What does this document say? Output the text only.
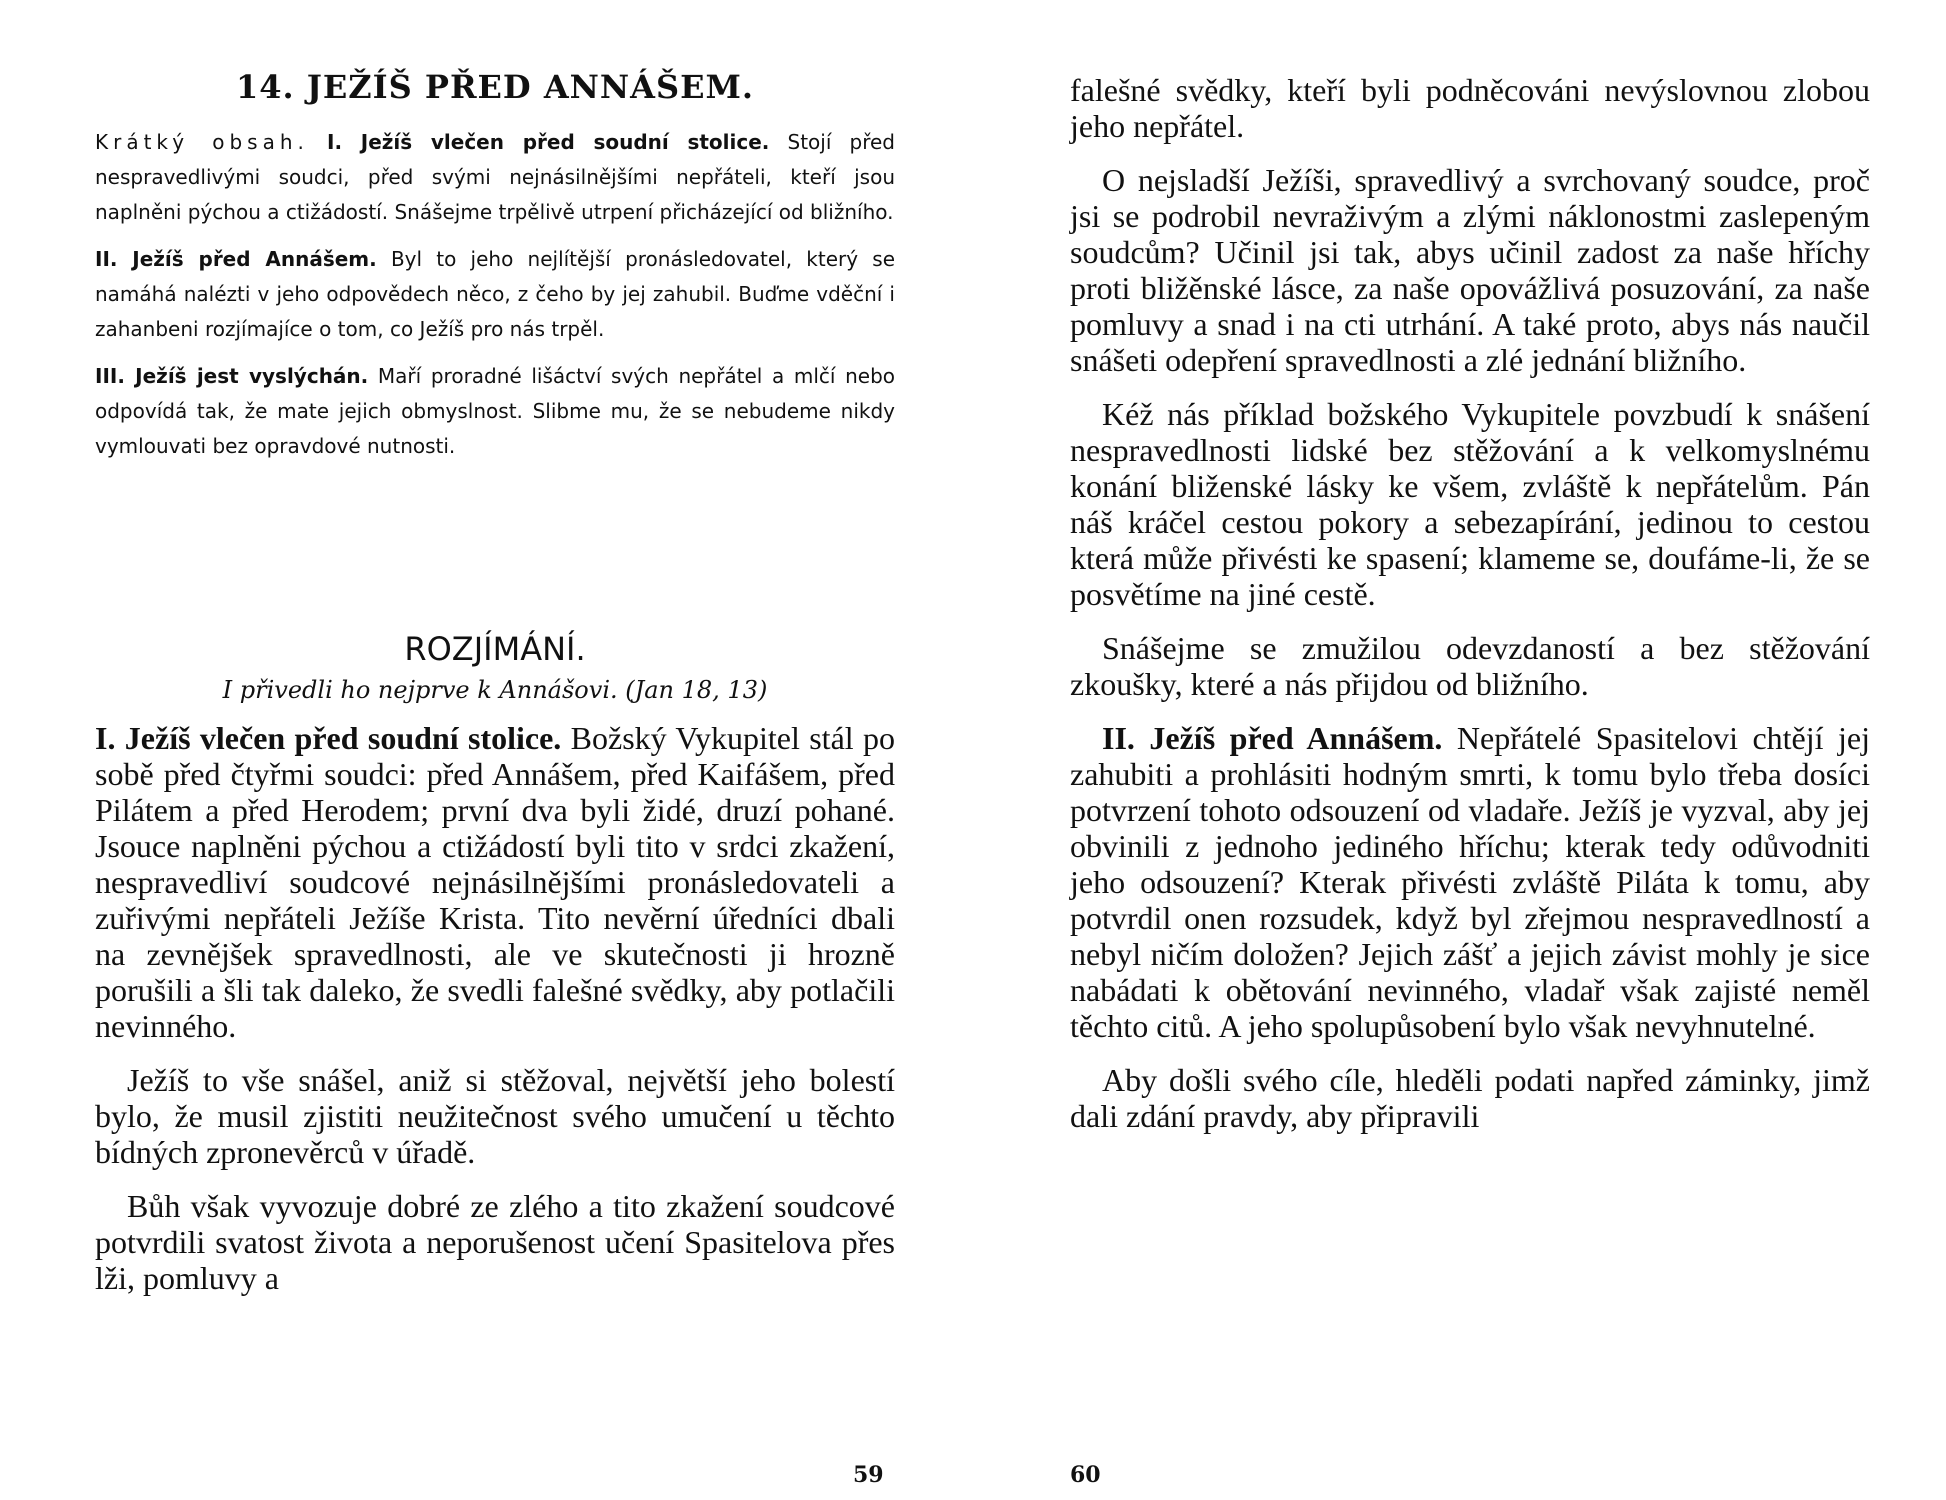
14. JEŽÍŠ PŘED ANNÁŠEM.

Krátký obsah. I. Ježíš vlečen před soudní stolice. Stojí před nespravedlivými soudci, před svými nejnásilnějšími nepřáteli, kteří jsou naplněni pýchou a ctižádostí. Snášejme trpělivě utrpení přicházející od bližního.

II. Ježíš před Annášem. Byl to jeho nejlítější pronásledovatel, který se namáhá nalézti v jeho odpovědech něco, z čeho by jej zahubil. Buďme vděční i zahanbeni rozjímajíce o tom, co Ježíš pro nás trpěl.

III. Ježíš jest vyslýchán. Maří proradné lišáctví svých nepřátel a mlčí nebo odpovídá tak, že mate jejich obmyslnost. Slibme mu, že se nebudeme nikdy vymlouvati bez opravdové nutnosti.

ROZJÍMÁNÍ.

I přivedli ho nejprve k Annášovi. (Jan 18, 13)

I. Ježíš vlečen před soudní stolice. Božský Vykupitel stál po sobě před čtyřmi soudci: před Annášem, před Kaifášem, před Pilátem a před Herodem; první dva byli židé, druzí pohané. Jsouce naplněni pýchou a ctižádostí byli tito v srdci zkažení, nespravedliví soudcové nejnásilnějšími pronásledovateli a zuřivými nepřáteli Ježíše Krista. Tito nevěrní úředníci dbali na zevnějšek spravedlnosti, ale ve skutečnosti ji hrozně porušili a šli tak daleko, že svedli falešné svědky, aby potlačili nevinného.

Ježíš to vše snášel, aniž si stěžoval, největší jeho bolestí bylo, že musil zjistiti neužitečnost svého umučení u těchto bídných zpronevěrců v úřadě.

Bůh však vyvozuje dobré ze zlého a tito zkažení soudcové potvrdili svatost života a neporušenost učení Spasitelova přes lži, pomluvy a

59

falešné svědky, kteří byli podněcováni nevýslovnou zlobou jeho nepřátel.

O nejsladší Ježíši, spravedlivý a svrchovaný soudce, proč jsi se podrobil nevraživým a zlými náklonostmi zaslepeným soudcům? Učinil jsi tak, abys učinil zadost za naše hříchy proti bližěnské lásce, za naše opovážlivá posuzování, za naše pomluvy a snad i na cti utrhání. A také proto, abys nás naučil snášeti odepření spravedlnosti a zlé jednání bližního.

Kéž nás příklad božského Vykupitele povzbudí k snášení nespravedlnosti lidské bez stěžování a k velkomyslnému konání bliženské lásky ke všem, zvláště k nepřátelům. Pán náš kráčel cestou pokory a sebezapírání, jedinou to cestou která může přivésti ke spasení; klameme se, doufáme-li, že se posvětíme na jiné cestě.

Snášejme se zmužilou odevzdaností a bez stěžování zkoušky, které a nás přijdou od bližního.

II. Ježíš před Annášem. Nepřátelé Spasitelovi chtějí jej zahubiti a prohlásiti hodným smrti, k tomu bylo třeba dosíci potvrzení tohoto odsouzení od vladaře. Ježíš je vyzval, aby jej obvinili z jednoho jediného hříchu; kterak tedy odůvodniti jeho odsouzení? Kterak přivésti zvláště Piláta k tomu, aby potvrdil onen rozsudek, když byl zřejmou nespravedlností a nebyl ničím doložen? Jejich zášť a jejich závist mohly je sice nabádati k obětování nevinného, vladař však zajisté neměl těchto citů. A jeho spolupůsobení bylo však nevyhnutelné.

Aby došli svého cíle, hleděli podati napřed záminky, jimž dali zdání pravdy, aby připravili

60
